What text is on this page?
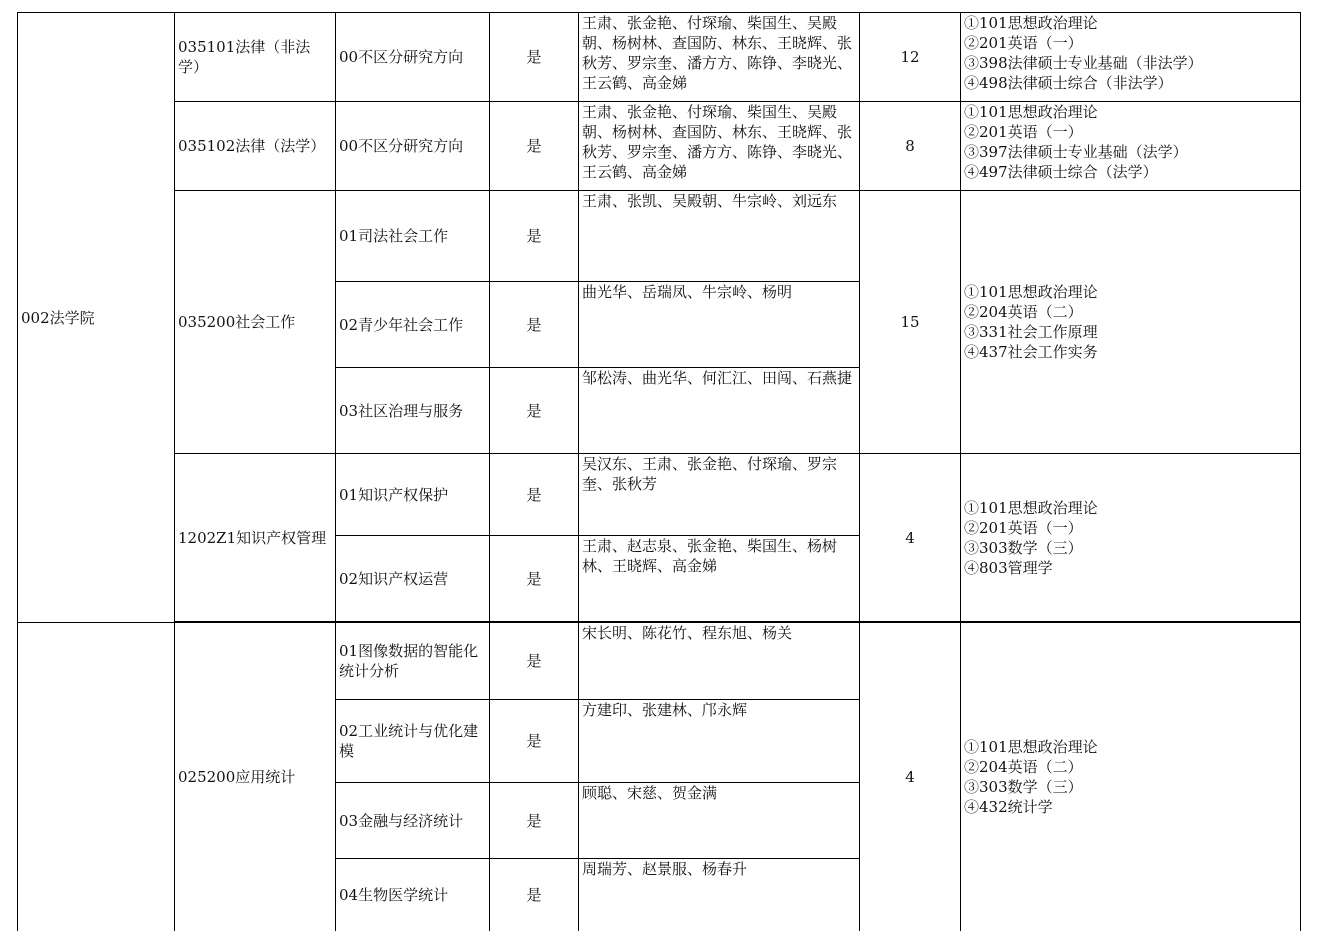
002法学院	035101法律（非法学）	00不区分研究方向	是	王肃、张金艳、付琛瑜、柴国生、吴殿朝、杨树林、查国防、林东、王晓辉、张秋芳、罗宗奎、潘方方、陈铮、李晓光、王云鹤、高金娣	12	①101思想政治理论
②201英语（一）
③398法律硕士专业基础（非法学）
④498法律硕士综合（非法学）
	035102法律（法学）	00不区分研究方向	是	王肃、张金艳、付琛瑜、柴国生、吴殿朝、杨树林、查国防、林东、王晓辉、张秋芳、罗宗奎、潘方方、陈铮、李晓光、王云鹤、高金娣	8	①101思想政治理论
②201英语（一）
③397法律硕士专业基础（法学）
④497法律硕士综合（法学）
	035200社会工作	01司法社会工作	是	王肃、张凯、吴殿朝、牛宗岭、刘远东	15	①101思想政治理论
②204英语（二）
③331社会工作原理
④437社会工作实务
		02青少年社会工作	是	曲光华、岳瑞凤、牛宗岭、杨明		
		03社区治理与服务	是	邹松涛、曲光华、何汇江、田闯、石燕捷		
	1202Z1知识产权管理	01知识产权保护	是	吴汉东、王肃、张金艳、付琛瑜、罗宗奎、张秋芳	4	①101思想政治理论
②201英语（一）
③303数学（三）
④803管理学
		02知识产权运营	是	王肃、赵志泉、张金艳、柴国生、杨树林、王晓辉、高金娣		

	025200应用统计	01图像数据的智能化统计分析	是	宋长明、陈花竹、程东旭、杨关	4	①101思想政治理论
②204英语（二）
③303数学（三）
④432统计学
		02工业统计与优化建模	是	方建印、张建林、邝永辉		
		03金融与经济统计	是	顾聪、宋慈、贺金满		
		04生物医学统计	是	周瑞芳、赵景服、杨春升		
